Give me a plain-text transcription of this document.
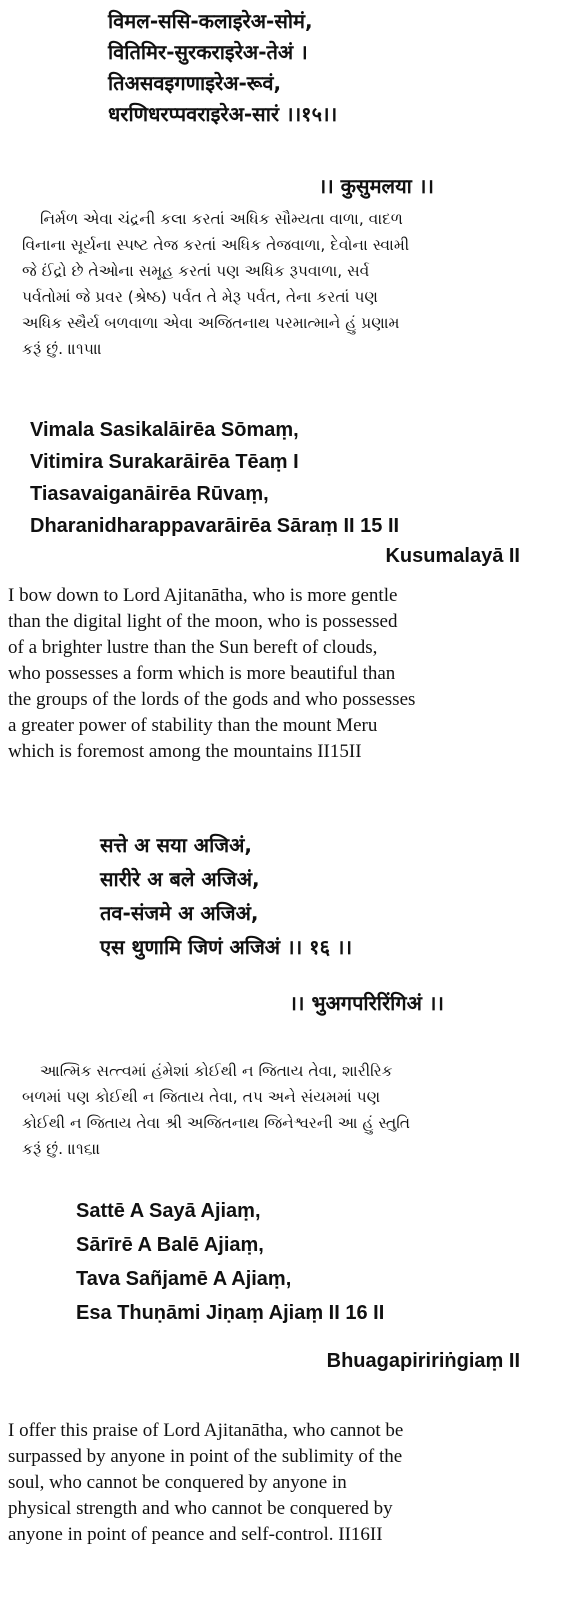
विमल-ससि-कलाइरेअ-सोमं,

वितिमिर-सुरकराइरेअ-तेअं ।

तिअसवइगणाइरेअ-रूवं,

धरणिधरप्पवराइरेअ-सारं ।।१५।।

।। कुसुमलया ।।

નિર્મળ એવા ચંદ્રની કલા કરતાં અધિક સૌમ્યતા વાળા, વાદળ

વિનાના સૂર્યના સ્પષ્ટ તેજ કરતાં અધિક તેજવાળા, દેવોના સ્વામી

જે ઈંદ્રો છે તેઓના સમૂહ કરતાં પણ અધિક રૂપવાળા, સર્વ

પર્વતોમાં જે પ્રવર (શ્રેષ્ઠ) પર્વત તે મેરૂ પર્વત, તેના કરતાં પણ

અધિક સ્થૈર્ય બળવાળા એવા અજિતનાથ પરમાત્માને હું પ્રણામ

કરૂં છું. ॥૧૫॥

Vimala Sasikalāirēa Sōmaṃ,

Vitimira Surakarāirēa Tēaṃ I

Tiasavaiganāirēa Rūvaṃ,

Dharanidharappavarāirēa Sāraṃ II 15 II

Kusumalayā II

I bow down to Lord Ajitanātha, who is more gentle

than the digital light of the moon, who is possessed

of a brighter lustre than the Sun bereft of clouds,

who possesses a form which is more beautiful than

the groups of the lords of the gods and who possesses

a greater power of stability than the mount Meru

which is foremost among the mountains II15II

सत्ते अ सया अजिअं,

सारीरे अ बले अजिअं,

तव-संजमे अ अजिअं,

एस थुणामि जिणं अजिअं ।। १६ ।।

।। भुअगपरिरिंगिअं ।।

આત્મિક સત્ત્વમાં હંમેશાં કોઈથી ન જિતાય તેવા, શારીરિક

બળમાં પણ કોઈથી ન જિતાય તેવા, તપ અને સંયમમાં પણ

કોઈથી ન જિતાય તેવા શ્રી અજિતનાથ જિનેશ્વરની આ હું સ્તુતિ

કરૂં છું. ॥૧૬॥

Sattē A Sayā Ajiaṃ,

Sārīrē A Balē Ajiaṃ,

Tava Sañjamē A Ajiaṃ,

Esa Thuṇāmi Jiṇaṃ Ajiaṃ II 16 II

Bhuagapiririṅgiaṃ II

I offer this praise of Lord Ajitanātha, who cannot be

surpassed by anyone in point of the sublimity of the

soul, who cannot be conquered by anyone in

physical strength and who cannot be conquered by

anyone in point of peance and self-control. II16II
